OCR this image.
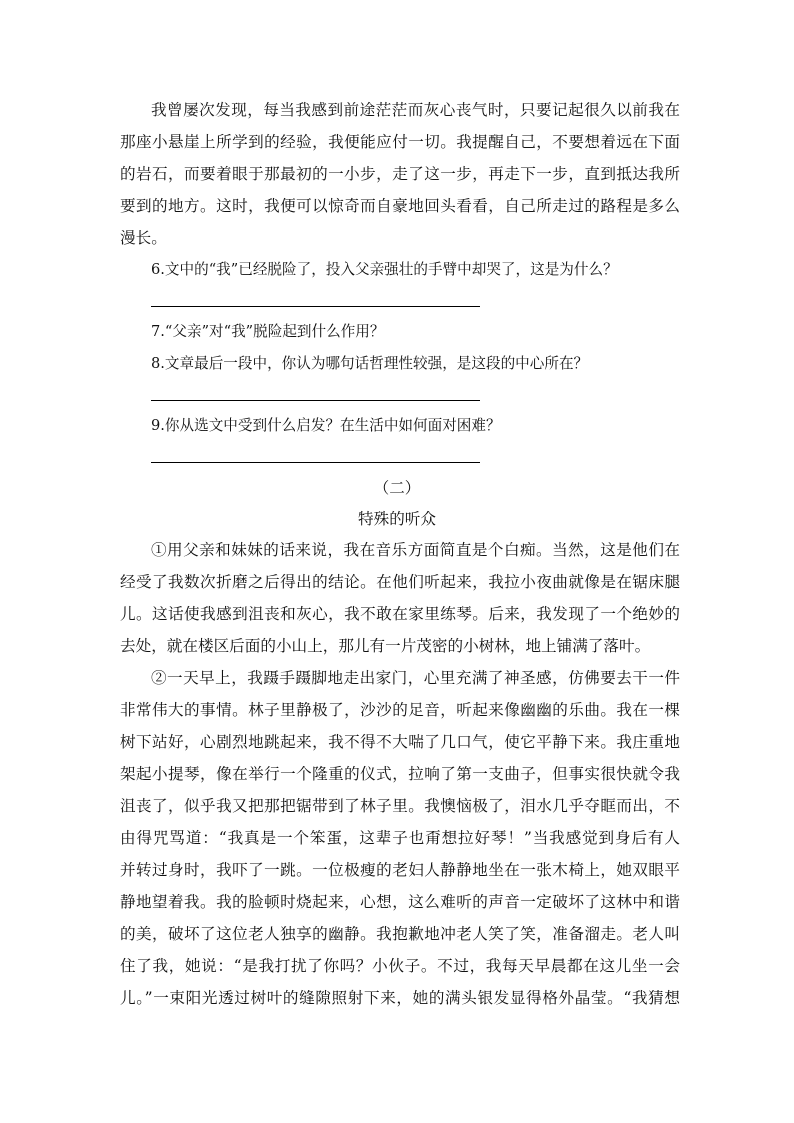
我曾屡次发现，每当我感到前途茫茫而灰心丧气时，只要记起很久以前我在
那座小悬崖上所学到的经验，我便能应付一切。我提醒自己，不要想着远在下面
的岩石，而要着眼于那最初的一小步，走了这一步，再走下一步，直到抵达我所
要到的地方。这时，我便可以惊奇而自豪地回头看看，自己所走过的路程是多么
漫长。
6.文中的“我”已经脱险了，投入父亲强壮的手臂中却哭了，这是为什么？
7.“父亲”对“我”脱险起到什么作用？
8.文章最后一段中，你认为哪句话哲理性较强，是这段的中心所在？
9.你从选文中受到什么启发？在生活中如何面对困难？
（二）
特殊的听众
①用父亲和妹妹的话来说，我在音乐方面简直是个白痴。当然，这是他们在
经受了我数次折磨之后得出的结论。在他们听起来，我拉小夜曲就像是在锯床腿
儿。这话使我感到沮丧和灰心，我不敢在家里练琴。后来，我发现了一个绝妙的
去处，就在楼区后面的小山上，那儿有一片茂密的小树林，地上铺满了落叶。
②一天早上，我蹑手蹑脚地走出家门，心里充满了神圣感，仿佛要去干一件
非常伟大的事情。林子里静极了，沙沙的足音，听起来像幽幽的乐曲。我在一棵
树下站好，心剧烈地跳起来，我不得不大喘了几口气，使它平静下来。我庄重地
架起小提琴，像在举行一个隆重的仪式，拉响了第一支曲子，但事实很快就令我
沮丧了，似乎我又把那把锯带到了林子里。我懊恼极了，泪水几乎夺眶而出，不
由得咒骂道：“我真是一个笨蛋，这辈子也甭想拉好琴！”当我感觉到身后有人
并转过身时，我吓了一跳。一位极瘦的老妇人静静地坐在一张木椅上，她双眼平
静地望着我。我的脸顿时烧起来，心想，这么难听的声音一定破坏了这林中和谐
的美，破坏了这位老人独享的幽静。我抱歉地冲老人笑了笑，准备溜走。老人叫
住了我，她说：“是我打扰了你吗？小伙子。不过，我每天早晨都在这儿坐一会
儿。”一束阳光透过树叶的缝隙照射下来，她的满头银发显得格外晶莹。“我猜想
